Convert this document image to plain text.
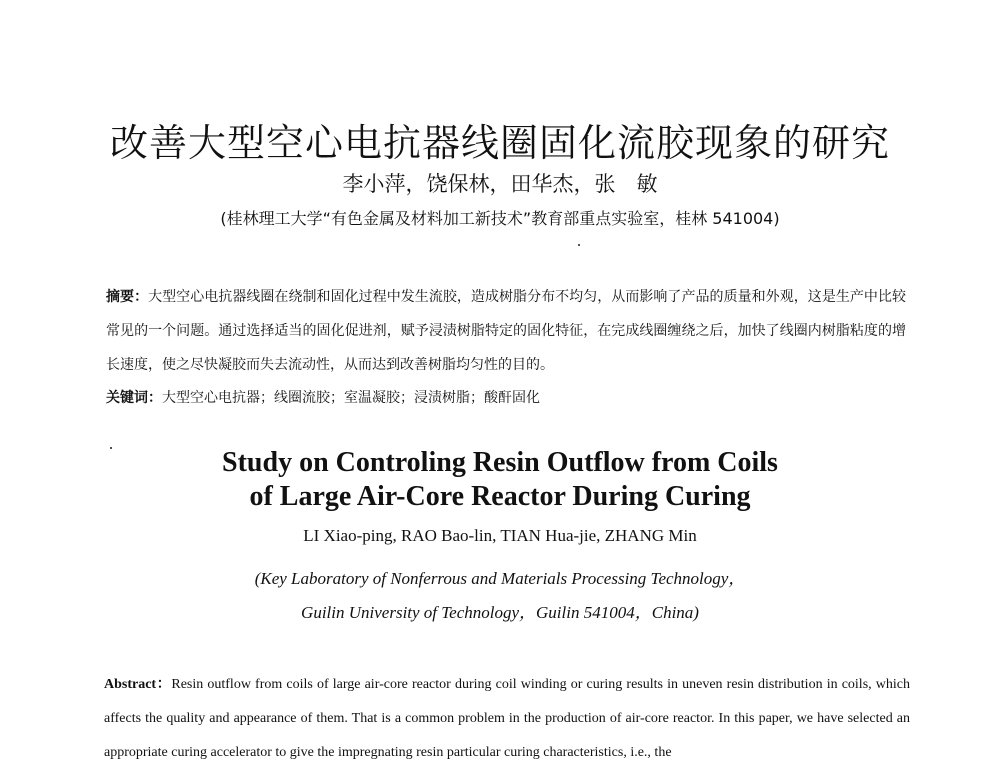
改善大型空心电抗器线圈固化流胶现象的研究
李小萍，饶保林，田华杰，张　敏
(桂林理工大学“有色金属及材料加工新技术”教育部重点实验室，桂林 541004)
摘要：大型空心电抗器线圈在绕制和固化过程中发生流胶，造成树脂分布不均匀，从而影响了产品的质量和外观，这是生产中比较常见的一个问题。通过选择适当的固化促进剂，赋予浸渍树脂特定的固化特征，在完成线圈缠绕之后，加快了线圈内树脂粘度的增长速度，使之尽快凝胶而失去流动性，从而达到改善树脂均匀性的目的。
关键词：大型空心电抗器；线圈流胶；室温凝胶；浸渍树脂；酸酐固化
Study on Controling Resin Outflow from Coils
of Large Air-Core Reactor During Curing
LI Xiao-ping, RAO Bao-lin, TIAN Hua-jie, ZHANG Min
(Key Laboratory of Nonferrous and Materials Processing Technology，
Guilin University of Technology，Guilin 541004，China)
Abstract：Resin outflow from coils of large air-core reactor during coil winding or curing results in uneven resin distribution in coils, which affects the quality and appearance of them. That is a common problem in the production of air-core reactor. In this paper, we have selected an appropriate curing accelerator to give the impregnating resin particular curing characteristics, i.e., the
